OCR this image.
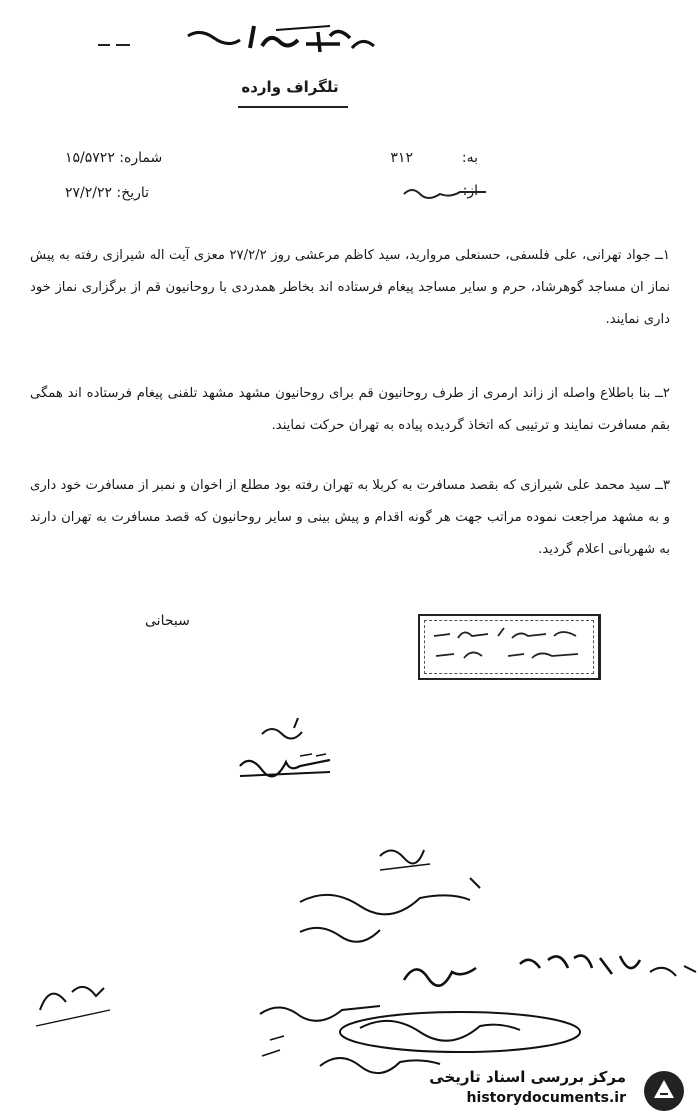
تلگراف وارده
به:  ۳۱۲
از:
شماره: ۱۵/۵۷۲۲
تاریخ: ۲۷/۲/۲۲
۱ــ جواد تهرانی، علی فلسفی، حسنعلی مروارید، سید کاظم مرعشی روز ۲۷/۲/۲ معزی آیت اله شیرازی رفته به پیش نماز ان مساجد گوهرشاد، حرم و سایر مساجد پیغام فرستاده اند بخاطر همدردی با روحانیون قم از برگزاری نماز خود داری نمایند.
۲ــ بنا باطلاع واصله از زاند ارمری از طرف روحانیون قم برای روحانیون مشهد مشهد تلفنی پیغام فرستاده اند همگی بقم مسافرت نمایند و ترتیبی که اتخاذ گردیده پیاده به تهران حرکت نمایند.
۳ــ سید محمد علی شیرازی که بقصد مسافرت به کربلا به تهران رفته بود مطلع از اخوان و نمبر از مسافرت خود داری و به مشهد مراجعت نموده مراتب جهت هر گونه اقدام و پیش بینی و سایر روحانیون که قصد مسافرت به تهران دارند به شهربانی اعلام گردید.
سبحانی
مرکز بررسی اسناد تاریخی
historydocuments.ir
